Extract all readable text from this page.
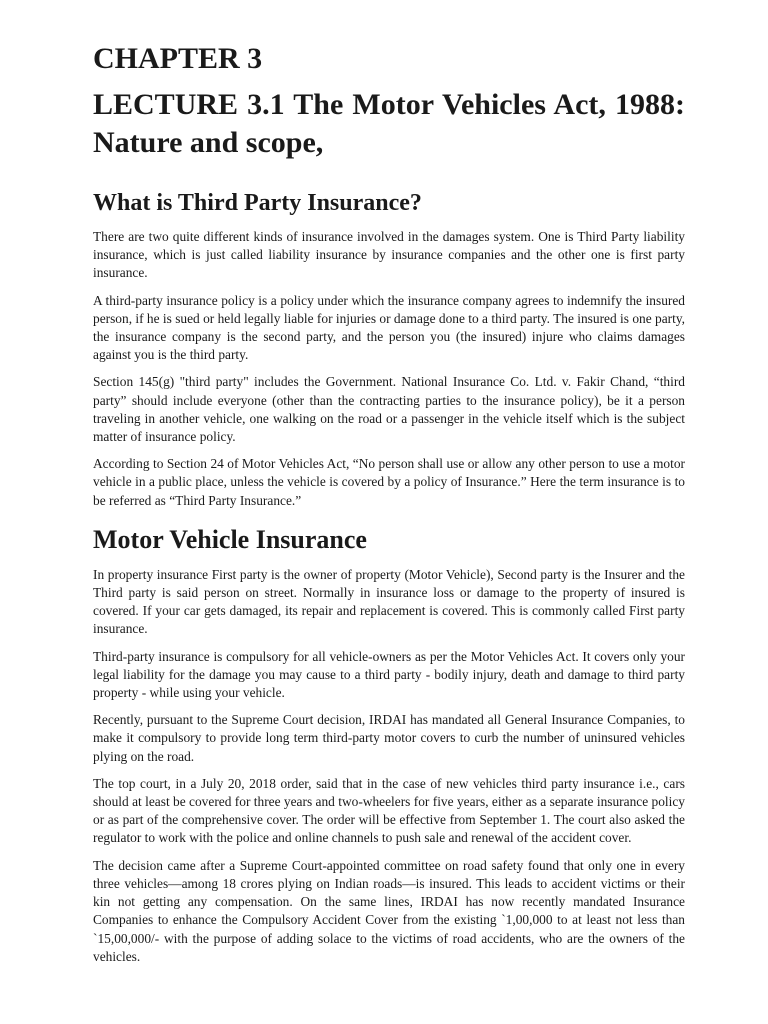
CHAPTER 3
LECTURE 3.1 The Motor Vehicles Act, 1988: Nature and scope,
What is Third Party Insurance?

There are two quite different kinds of insurance involved in the damages system. One is Third Party liability insurance, which is just called liability insurance by insurance companies and the other one is first party insurance.

A third-party insurance policy is a policy under which the insurance company agrees to indemnify the insured person, if he is sued or held legally liable for injuries or damage done to a third party. The insured is one party, the insurance company is the second party, and the person you (the insured) injure who claims damages against you is the third party.

Section 145(g) "third party" includes the Government. National Insurance Co. Ltd. v. Fakir Chand, “third party” should include everyone (other than the contracting parties to the insurance policy), be it a person traveling in another vehicle, one walking on the road or a passenger in the vehicle itself which is the subject matter of insurance policy.

According to Section 24 of Motor Vehicles Act, “No person shall use or allow any other person to use a motor vehicle in a public place, unless the vehicle is covered by a policy of Insurance.” Here the term insurance is to be referred as “Third Party Insurance.”

Motor Vehicle Insurance

In property insurance First party is the owner of property (Motor Vehicle), Second party is the Insurer and the Third party is said person on street. Normally in insurance loss or damage to the property of insured is covered. If your car gets damaged, its repair and replacement is covered. This is commonly called First party insurance.

Third-party insurance is compulsory for all vehicle-owners as per the Motor Vehicles Act. It covers only your legal liability for the damage you may cause to a third party - bodily injury, death and damage to third party property - while using your vehicle.

Recently, pursuant to the Supreme Court decision, IRDAI has mandated all General Insurance Companies, to make it compulsory to provide long term third-party motor covers to curb the number of uninsured vehicles plying on the road.

The top court, in a July 20, 2018 order, said that in the case of new vehicles third party insurance i.e., cars should at least be covered for three years and two-wheelers for five years, either as a separate insurance policy or as part of the comprehensive cover. The order will be effective from September 1. The court also asked the regulator to work with the police and online channels to push sale and renewal of the accident cover.

The decision came after a Supreme Court-appointed committee on road safety found that only one in every three vehicles—among 18 crores plying on Indian roads—is insured. This leads to accident victims or their kin not getting any compensation. On the same lines, IRDAI has now recently mandated Insurance Companies to enhance the Compulsory Accident Cover from the existing `1,00,000 to at least not less than `15,00,000/- with the purpose of adding solace to the victims of road accidents, who are the owners of the vehicles.
